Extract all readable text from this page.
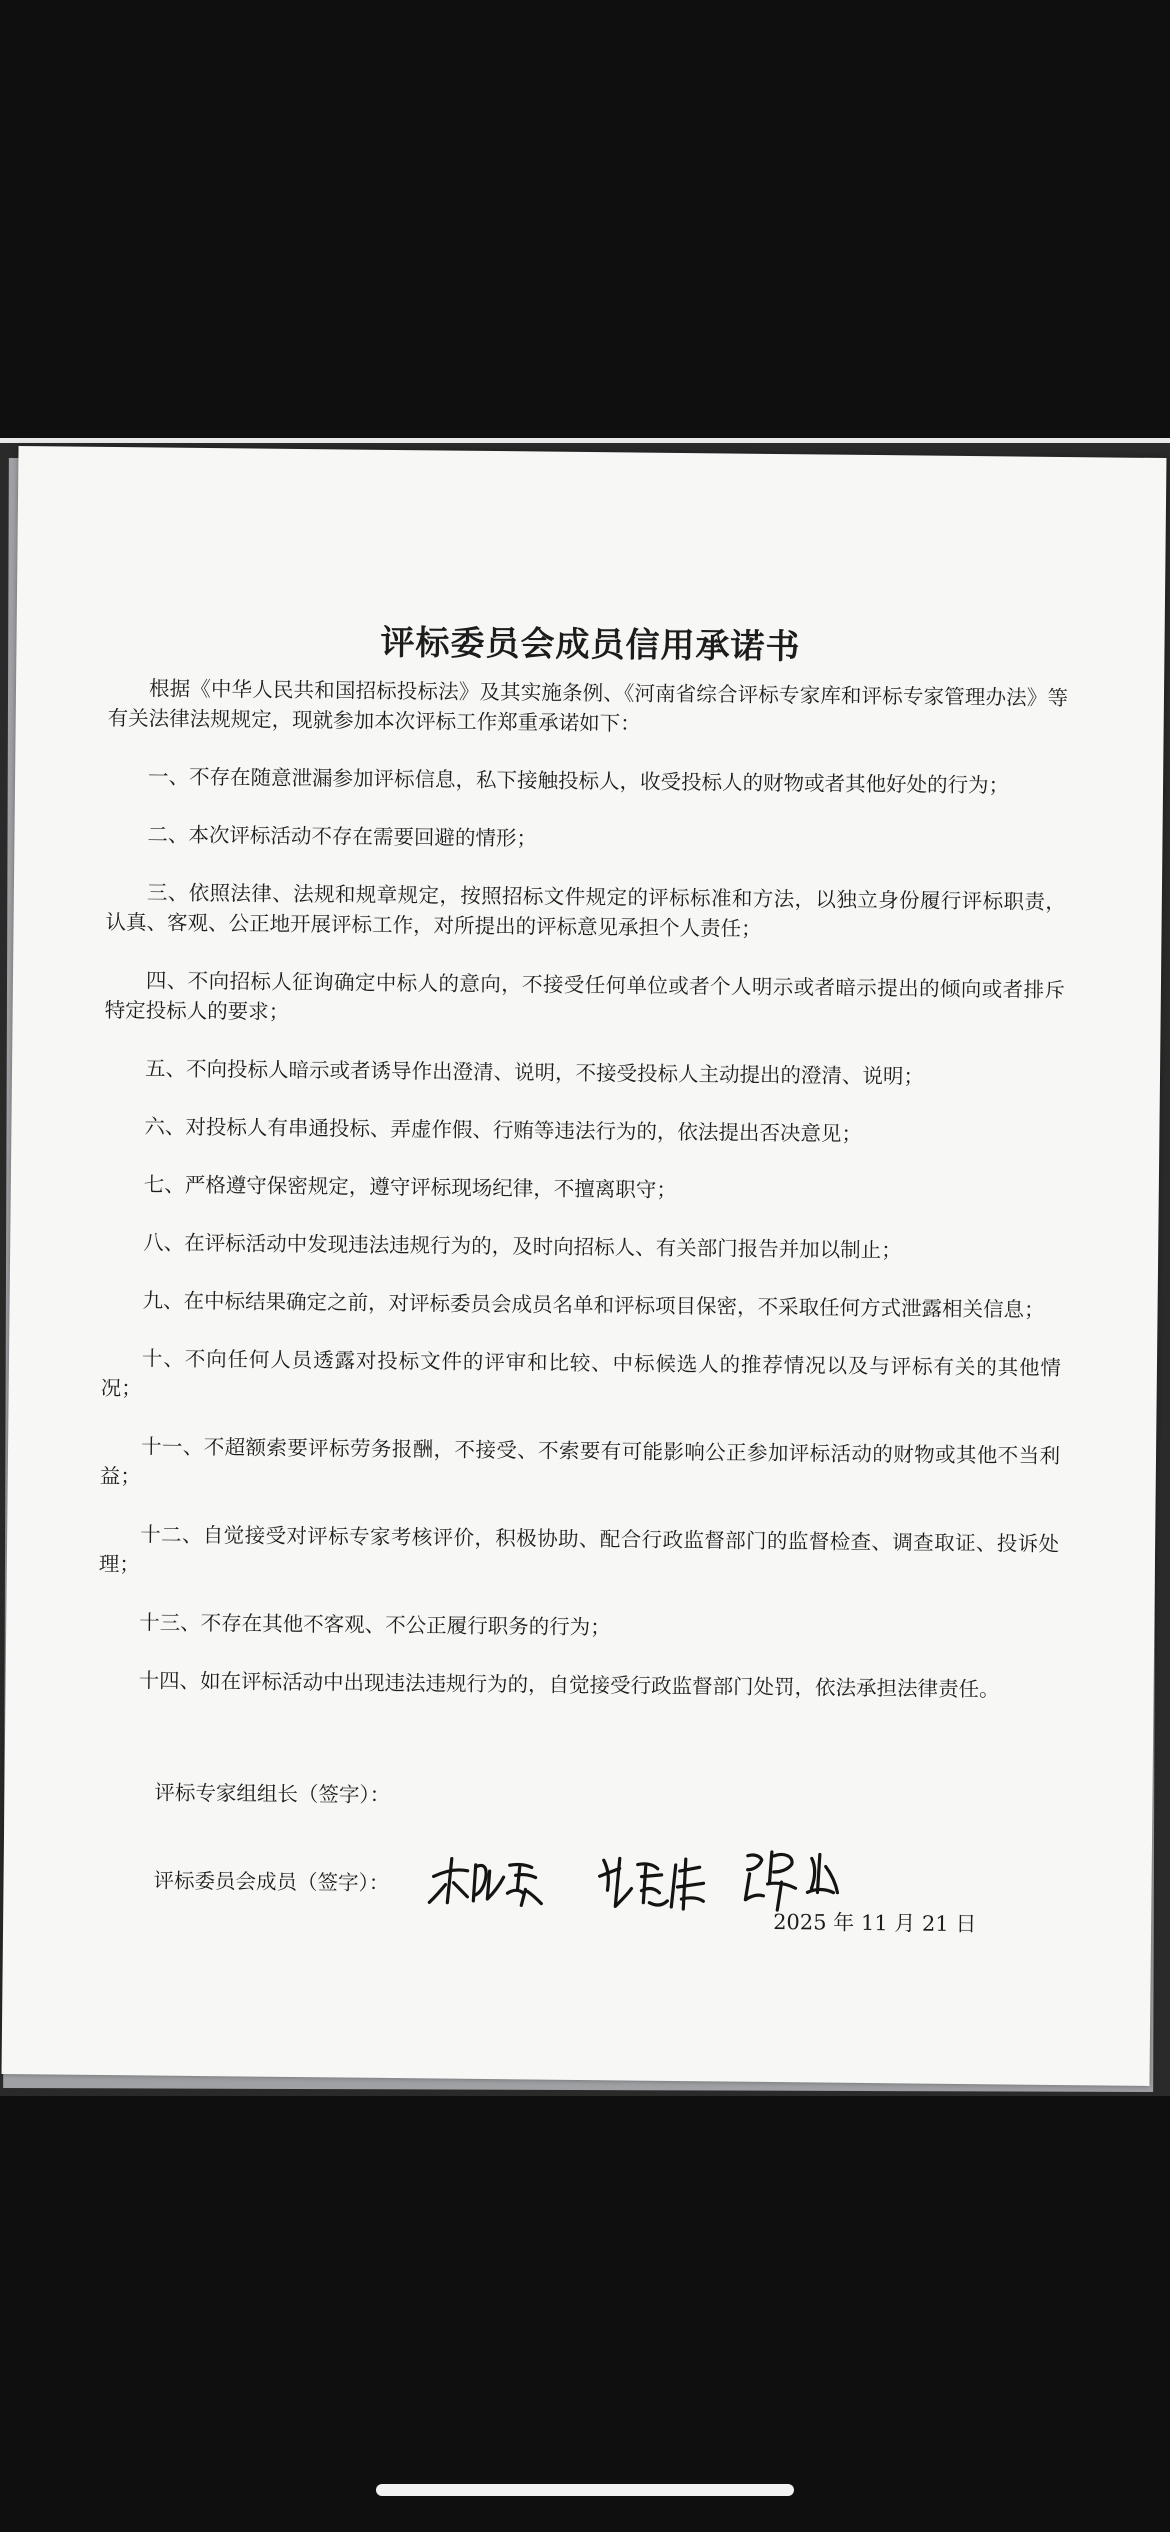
评标委员会成员信用承诺书

根据《中华人民共和国招标投标法》及其实施条例、《河南省综合评标专家库和评标专家管理办法》等有关法律法规规定，现就参加本次评标工作郑重承诺如下：

一、不存在随意泄漏参加评标信息，私下接触投标人，收受投标人的财物或者其他好处的行为；

二、本次评标活动不存在需要回避的情形；

三、依照法律、法规和规章规定，按照招标文件规定的评标标准和方法，以独立身份履行评标职责，认真、客观、公正地开展评标工作，对所提出的评标意见承担个人责任；

四、不向招标人征询确定中标人的意向，不接受任何单位或者个人明示或者暗示提出的倾向或者排斥特定投标人的要求；

五、不向投标人暗示或者诱导作出澄清、说明，不接受投标人主动提出的澄清、说明；

六、对投标人有串通投标、弄虚作假、行贿等违法行为的，依法提出否决意见；

七、严格遵守保密规定，遵守评标现场纪律，不擅离职守；

八、在评标活动中发现违法违规行为的，及时向招标人、有关部门报告并加以制止；

九、在中标结果确定之前，对评标委员会成员名单和评标项目保密，不采取任何方式泄露相关信息；

十、不向任何人员透露对投标文件的评审和比较、中标候选人的推荐情况以及与评标有关的其他情况；

十一、不超额索要评标劳务报酬，不接受、不索要有可能影响公正参加评标活动的财物或其他不当利益；

十二、自觉接受对评标专家考核评价，积极协助、配合行政监督部门的监督检查、调查取证、投诉处理；

十三、不存在其他不客观、不公正履行职务的行为；

十四、如在评标活动中出现违法违规行为的，自觉接受行政监督部门处罚，依法承担法律责任。

评标专家组组长（签字）：
评标委员会成员（签字）：
2025 年 11 月 21 日
